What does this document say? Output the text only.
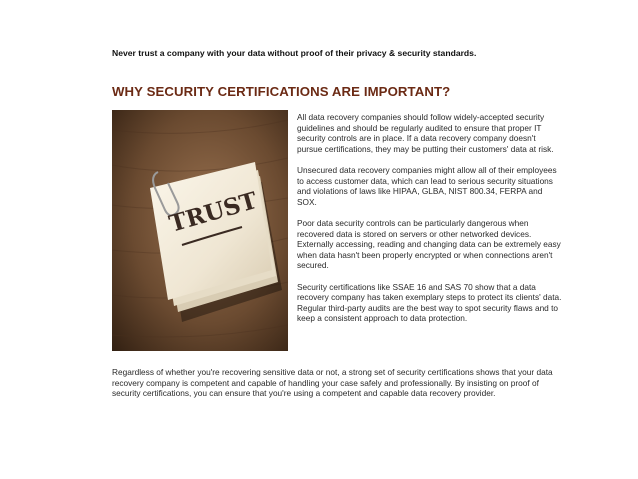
Never trust a company with your data without proof of their privacy & security standards.
WHY SECURITY CERTIFICATIONS ARE IMPORTANT?
TRUST

All data recovery companies should follow widely-accepted security guidelines and should be regularly audited to ensure that proper IT security controls are in place. If a data recovery company doesn't pursue certifications, they may be putting their customers' data at risk.

Unsecured data recovery companies might allow all of their employees to access customer data, which can lead to serious security situations and violations of laws like HIPAA, GLBA, NIST 800.34, FERPA and SOX.

Poor data security controls can be particularly dangerous when recovered data is stored on servers or other networked devices. Externally accessing, reading and changing data can be extremely easy when data hasn't been properly encrypted or when connections aren't secured.

Security certifications like SSAE 16 and SAS 70 show that a data recovery company has taken exemplary steps to protect its clients' data. Regular third-party audits are the best way to spot security flaws and to keep a consistent approach to data protection.

Regardless of whether you're recovering sensitive data or not, a strong set of security certifications shows that your data recovery company is competent and capable of handling your case safely and professionally. By insisting on proof of security certifications, you can ensure that you're using a competent and capable data recovery provider.
